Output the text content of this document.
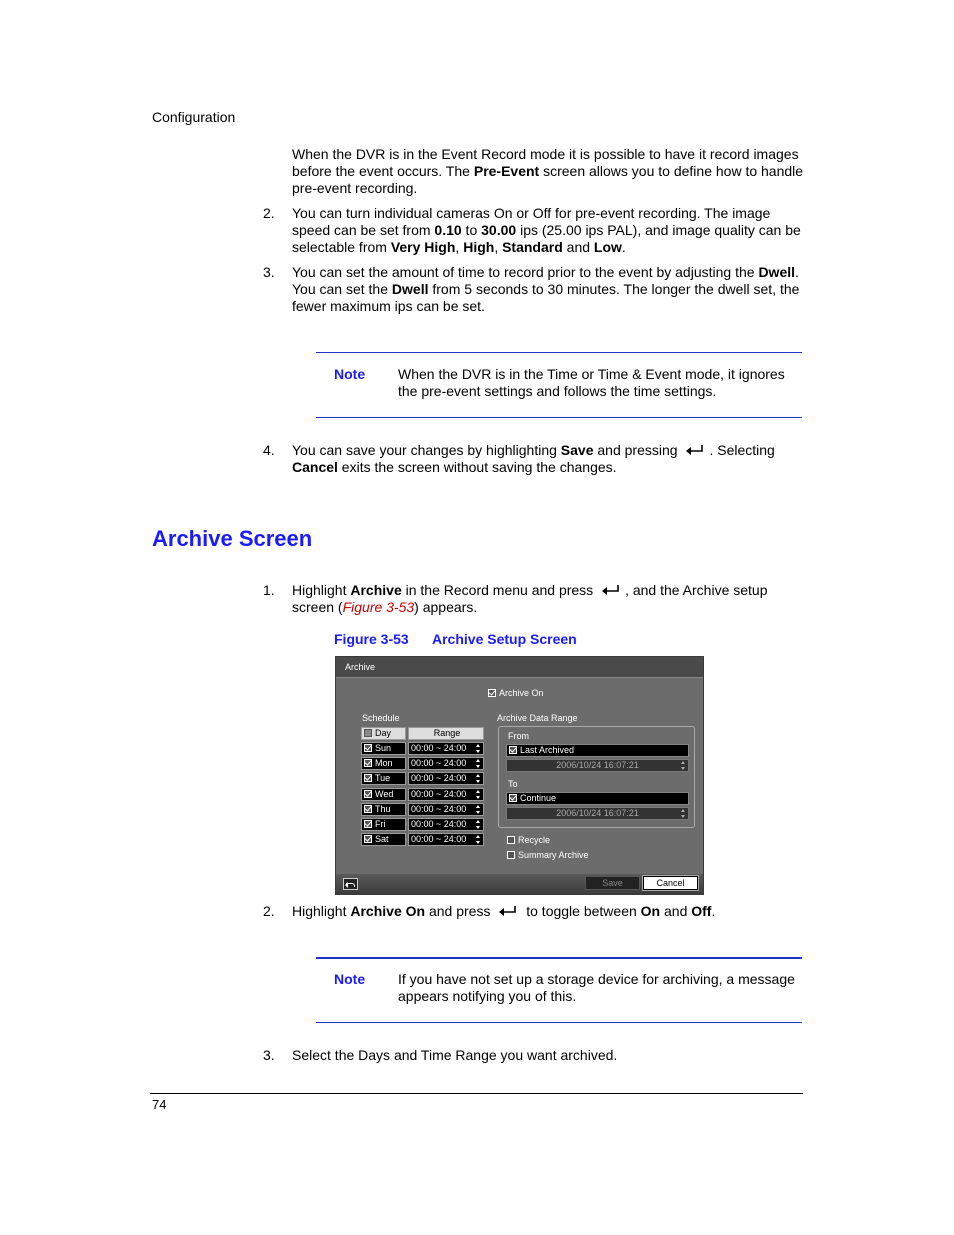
Configuration
When the DVR is in the Event Record mode it is possible to have it record images before the event occurs. The Pre-Event screen allows you to define how to handle pre-event recording.
2. You can turn individual cameras On or Off for pre-event recording. The image speed can be set from 0.10 to 30.00 ips (25.00 ips PAL), and image quality can be selectable from Very High, High, Standard and Low.
3. You can set the amount of time to record prior to the event by adjusting the Dwell. You can set the Dwell from 5 seconds to 30 minutes. The longer the dwell set, the fewer maximum ips can be set.
Note When the DVR is in the Time or Time & Event mode, it ignores the pre-event settings and follows the time settings.
4. You can save your changes by highlighting Save and pressing . Selecting Cancel exits the screen without saving the changes.
Archive Screen
1. Highlight Archive in the Record menu and press , and the Archive setup screen (Figure 3-53) appears.
Figure 3-53 Archive Setup Screen
Archive
Archive On
Schedule	Archive Data Range
Day	Range
Sun	00:00 ~ 24:00
Mon	00:00 ~ 24:00
Tue	00:00 ~ 24:00
Wed	00:00 ~ 24:00
Thu	00:00 ~ 24:00
Fri	00:00 ~ 24:00
Sat	00:00 ~ 24:00
From
Last Archived
2006/10/24 16:07:21
To
Continue
2006/10/24 16:07:21
Recycle
Summary Archive
Save	Cancel
2. Highlight Archive On and press  to toggle between On and Off.
Note If you have not set up a storage device for archiving, a message appears notifying you of this.
3. Select the Days and Time Range you want archived.
74
